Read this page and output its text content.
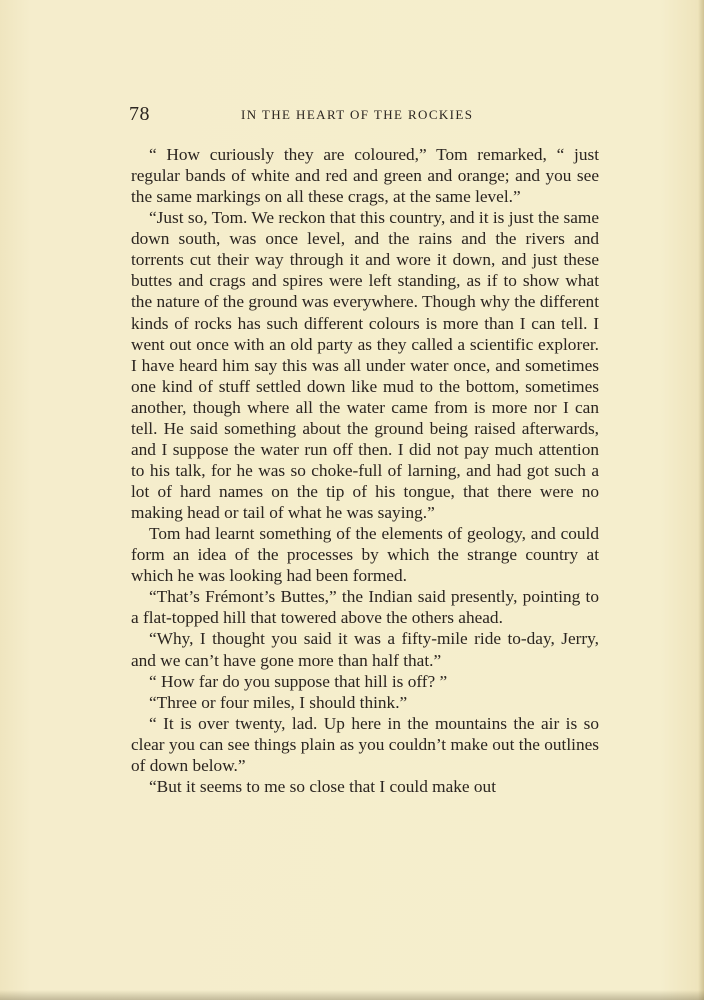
78	IN THE HEART OF THE ROCKIES

“ How curiously they are coloured,” Tom remarked, “ just regular bands of white and red and green and orange; and you see the same markings on all these crags, at the same level.”

“Just so, Tom. We reckon that this country, and it is just the same down south, was once level, and the rains and the rivers and torrents cut their way through it and wore it down, and just these buttes and crags and spires were left standing, as if to show what the nature of the ground was everywhere. Though why the different kinds of rocks has such different colours is more than I can tell. I went out once with an old party as they called a scientific explorer. I have heard him say this was all under water once, and sometimes one kind of stuff settled down like mud to the bottom, sometimes another, though where all the water came from is more nor I can tell. He said something about the ground being raised afterwards, and I suppose the water run off then. I did not pay much attention to his talk, for he was so choke-full of larning, and had got such a lot of hard names on the tip of his tongue, that there were no making head or tail of what he was saying.”

Tom had learnt something of the elements of geology, and could form an idea of the processes by which the strange country at which he was looking had been formed.

“That’s Frémont’s Buttes,” the Indian said presently, pointing to a flat-topped hill that towered above the others ahead.

“Why, I thought you said it was a fifty-mile ride to-day, Jerry, and we can’t have gone more than half that.”

“ How far do you suppose that hill is off? ”

“Three or four miles, I should think.”

“ It is over twenty, lad. Up here in the mountains the air is so clear you can see things plain as you couldn’t make out the outlines of down below.”

“But it seems to me so close that I could make out
